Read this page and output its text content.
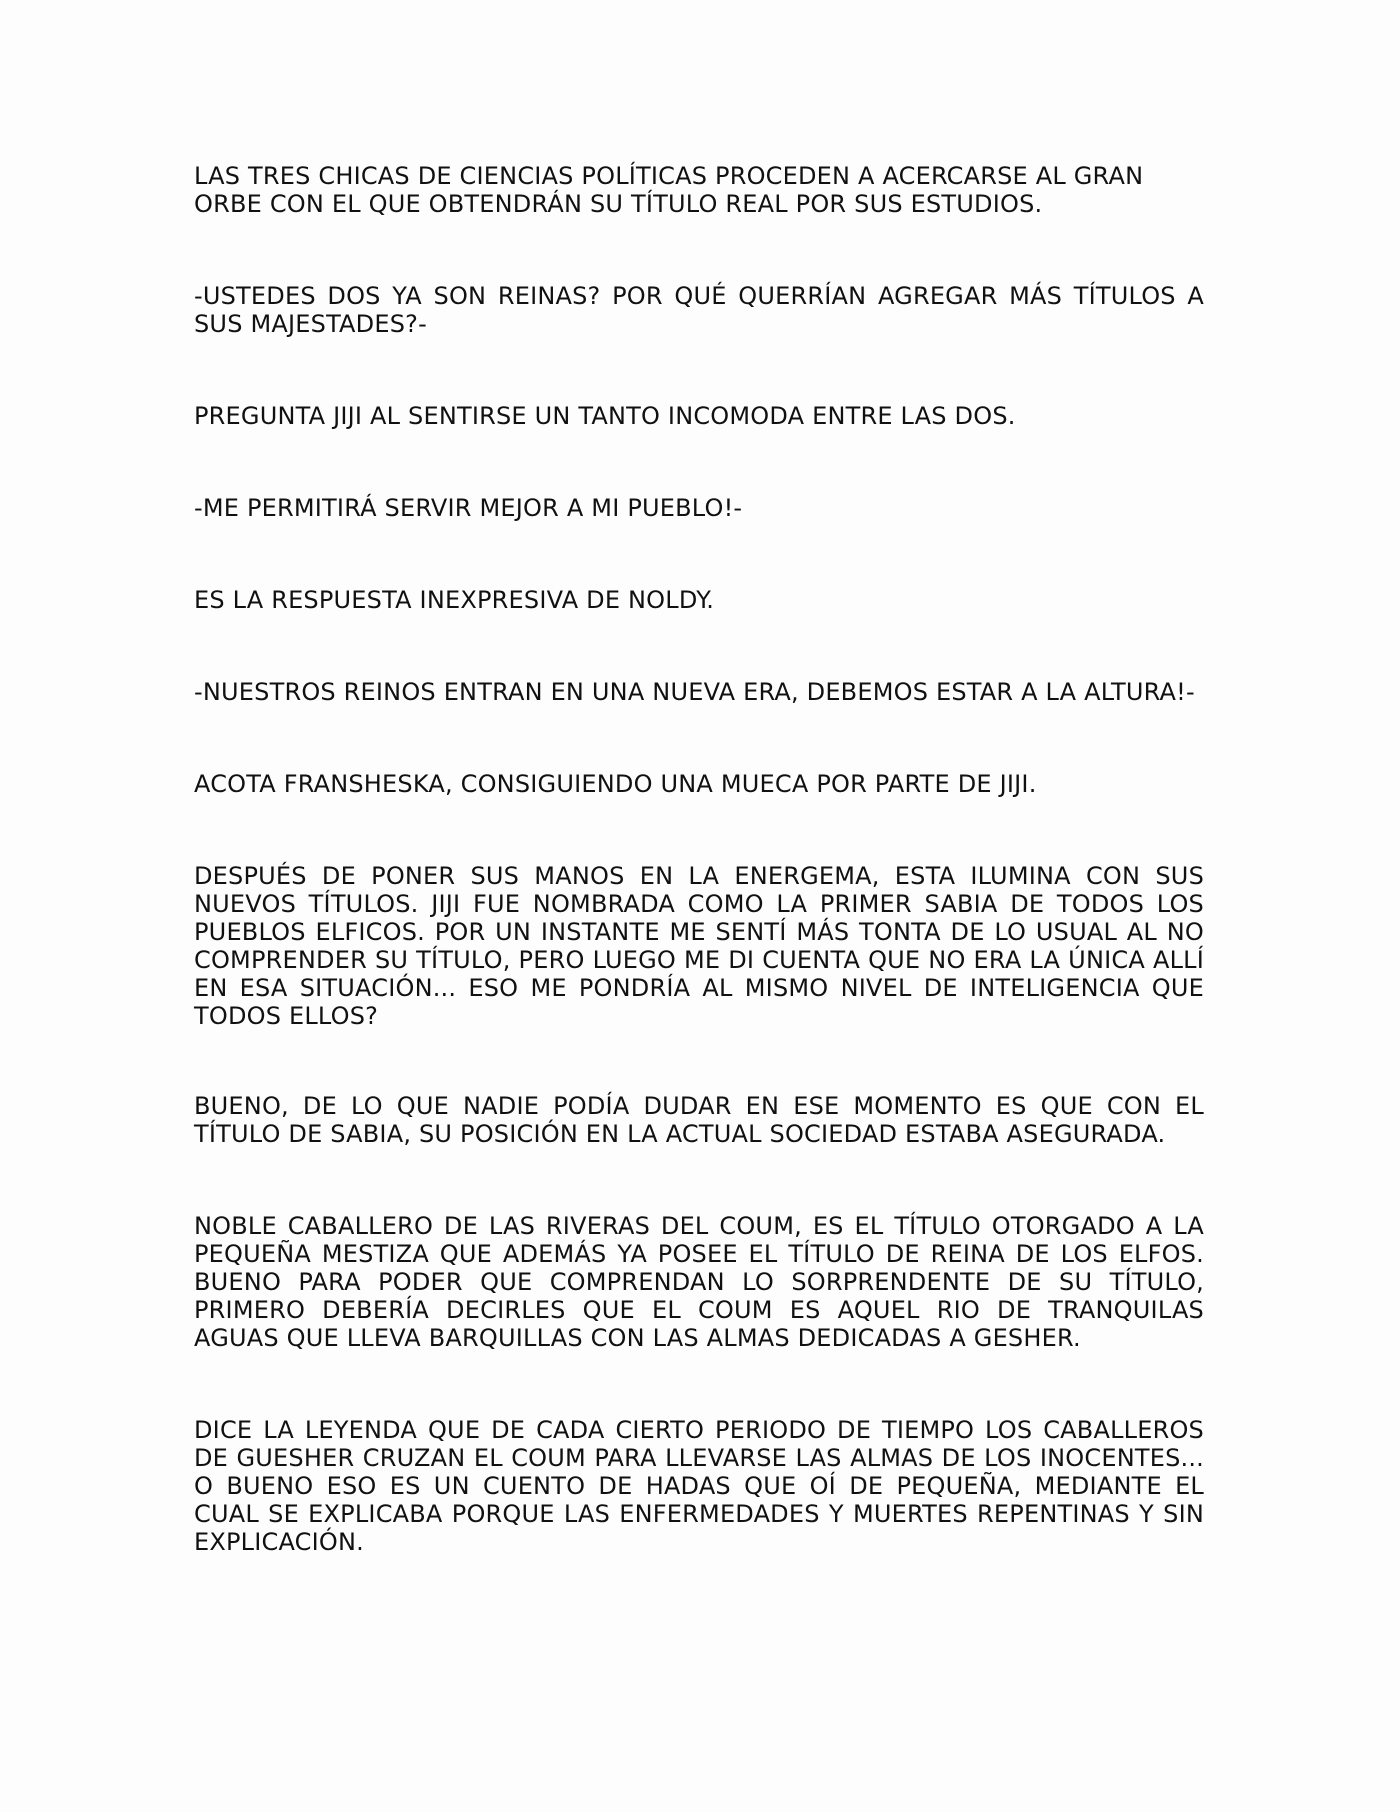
LAS TRES CHICAS DE CIENCIAS POLÍTICAS PROCEDEN A ACERCARSE AL GRAN ORBE CON EL QUE OBTENDRÁN SU TÍTULO REAL POR SUS ESTUDIOS.

-USTEDES DOS YA SON REINAS? POR QUÉ QUERRÍAN AGREGAR MÁS TÍTULOS A SUS MAJESTADES?-

PREGUNTA JIJI AL SENTIRSE UN TANTO INCOMODA ENTRE LAS DOS.

-ME PERMITIRÁ SERVIR MEJOR A MI PUEBLO!-

ES LA RESPUESTA INEXPRESIVA DE NOLDY.

-NUESTROS REINOS ENTRAN EN UNA NUEVA ERA, DEBEMOS ESTAR A LA ALTURA!-

ACOTA FRANSHESKA, CONSIGUIENDO UNA MUECA POR PARTE DE JIJI.

DESPUÉS DE PONER SUS MANOS EN LA ENERGEMA, ESTA ILUMINA CON SUS NUEVOS TÍTULOS. JIJI FUE NOMBRADA COMO LA PRIMER SABIA DE TODOS LOS PUEBLOS ELFICOS. POR UN INSTANTE ME SENTÍ MÁS TONTA DE LO USUAL AL NO COMPRENDER SU TÍTULO, PERO LUEGO ME DI CUENTA QUE NO ERA LA ÚNICA ALLÍ EN ESA SITUACIÓN... ESO ME PONDRÍA AL MISMO NIVEL DE INTELIGENCIA QUE TODOS ELLOS?

BUENO, DE LO QUE NADIE PODÍA DUDAR EN ESE MOMENTO ES QUE CON EL TÍTULO DE SABIA, SU POSICIÓN EN LA ACTUAL SOCIEDAD ESTABA ASEGURADA.

NOBLE CABALLERO DE LAS RIVERAS DEL COUM, ES EL TÍTULO OTORGADO A LA PEQUEÑA MESTIZA QUE ADEMÁS YA POSEE EL TÍTULO DE REINA DE LOS ELFOS. BUENO PARA PODER QUE COMPRENDAN LO SORPRENDENTE DE SU TÍTULO, PRIMERO DEBERÍA DECIRLES QUE EL COUM ES AQUEL RIO DE TRANQUILAS AGUAS QUE LLEVA BARQUILLAS CON LAS ALMAS DEDICADAS A GESHER.

DICE LA LEYENDA QUE DE CADA CIERTO PERIODO DE TIEMPO LOS CABALLEROS DE GUESHER CRUZAN EL COUM PARA LLEVARSE LAS ALMAS DE LOS INOCENTES... O BUENO ESO ES UN CUENTO DE HADAS QUE OÍ DE PEQUEÑA, MEDIANTE EL CUAL SE EXPLICABA PORQUE LAS ENFERMEDADES Y MUERTES REPENTINAS Y SIN EXPLICACIÓN.
